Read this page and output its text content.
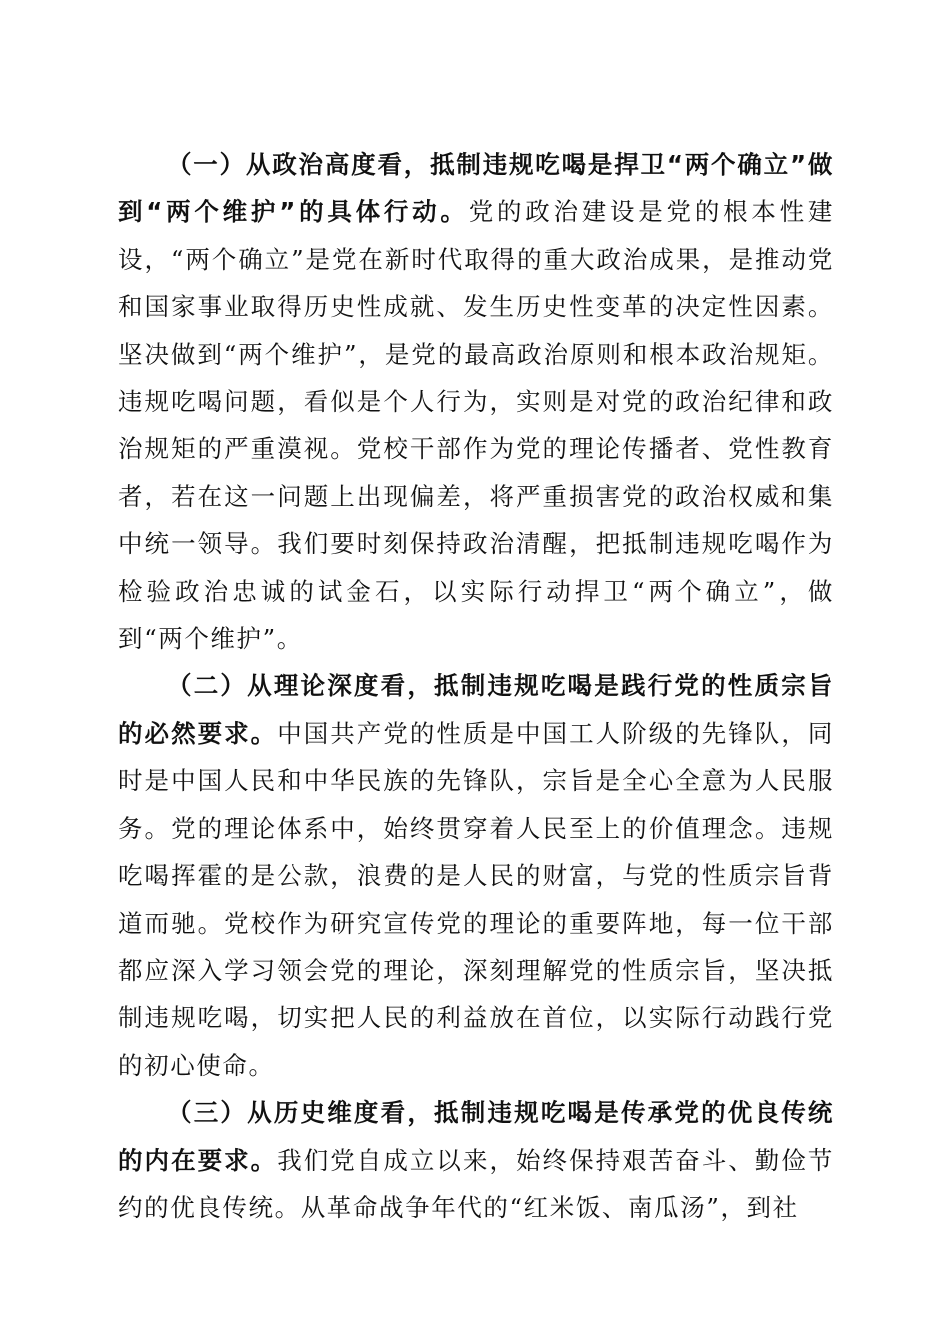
（一）从政治高度看，抵制违规吃喝是捍卫“两个确立”做到“两个维护”的具体行动。党的政治建设是党的根本性建设，“两个确立”是党在新时代取得的重大政治成果，是推动党和国家事业取得历史性成就、发生历史性变革的决定性因素。坚决做到“两个维护”，是党的最高政治原则和根本政治规矩。违规吃喝问题，看似是个人行为，实则是对党的政治纪律和政治规矩的严重漠视。党校干部作为党的理论传播者、党性教育者，若在这一问题上出现偏差，将严重损害党的政治权威和集中统一领导。我们要时刻保持政治清醒，把抵制违规吃喝作为检验政治忠诚的试金石，以实际行动捍卫“两个确立”，做到“两个维护”。

（二）从理论深度看，抵制违规吃喝是践行党的性质宗旨的必然要求。中国共产党的性质是中国工人阶级的先锋队，同时是中国人民和中华民族的先锋队，宗旨是全心全意为人民服务。党的理论体系中，始终贯穿着人民至上的价值理念。违规吃喝挥霍的是公款，浪费的是人民的财富，与党的性质宗旨背道而驰。党校作为研究宣传党的理论的重要阵地，每一位干部都应深入学习领会党的理论，深刻理解党的性质宗旨，坚决抵制违规吃喝，切实把人民的利益放在首位，以实际行动践行党的初心使命。

（三）从历史维度看，抵制违规吃喝是传承党的优良传统的内在要求。我们党自成立以来，始终保持艰苦奋斗、勤俭节约的优良传统。从革命战争年代的“红米饭、南瓜汤”，到社
